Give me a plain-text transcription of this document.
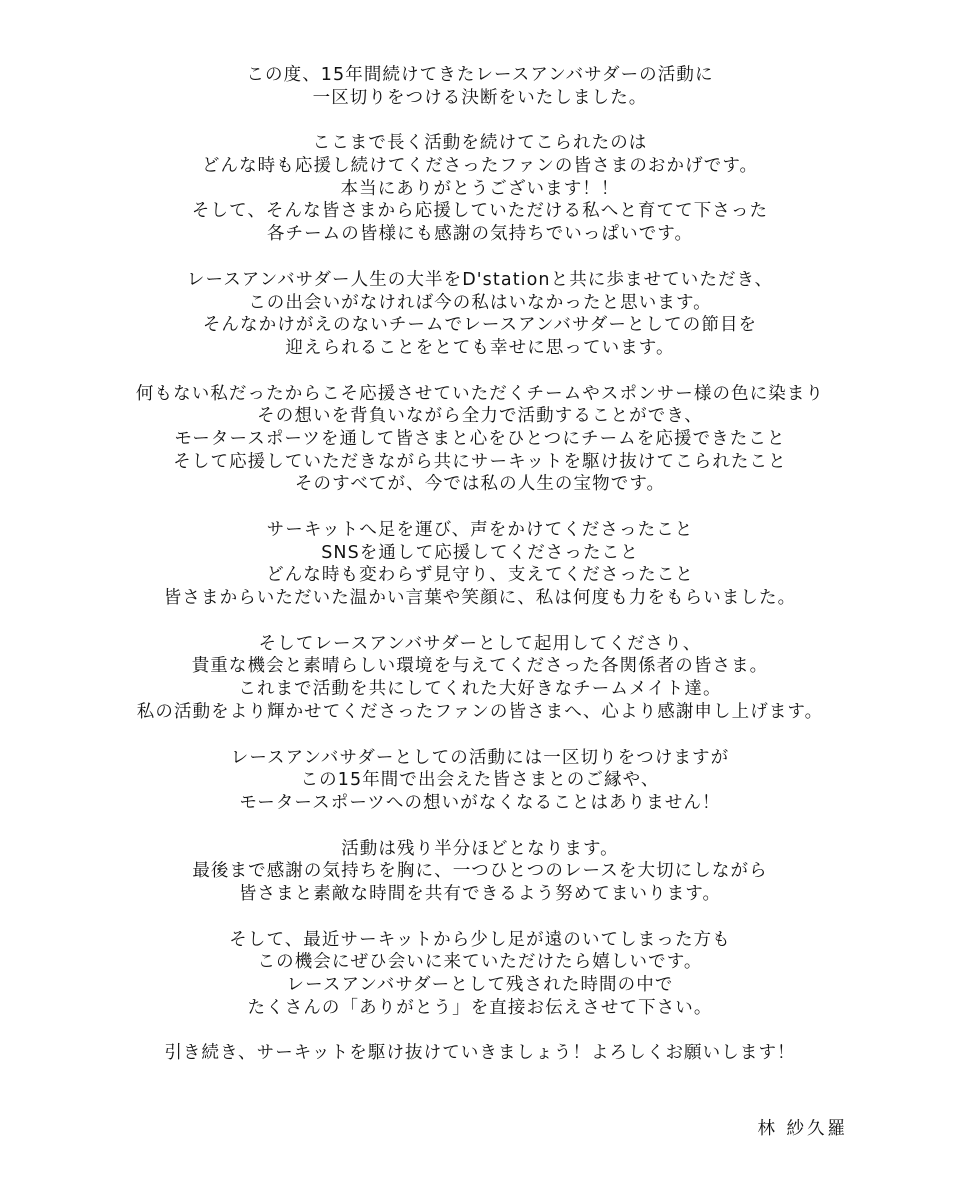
この度、15年間続けてきたレースアンバサダーの活動に
一区切りをつける決断をいたしました。
ここまで長く活動を続けてこられたのは
どんな時も応援し続けてくださったファンの皆さまのおかげです。
本当にありがとうございます！！
そして、そんな皆さまから応援していただける私へと育てて下さった
各チームの皆様にも感謝の気持ちでいっぱいです。
レースアンバサダー人生の大半をD'stationと共に歩ませていただき、
この出会いがなければ今の私はいなかったと思います。
そんなかけがえのないチームでレースアンバサダーとしての節目を
迎えられることをとても幸せに思っています。
何もない私だったからこそ応援させていただくチームやスポンサー様の色に染まり
その想いを背負いながら全力で活動することができ、
モータースポーツを通して皆さまと心をひとつにチームを応援できたこと
そして応援していただきながら共にサーキットを駆け抜けてこられたこと
そのすべてが、今では私の人生の宝物です。
サーキットへ足を運び、声をかけてくださったこと
SNSを通して応援してくださったこと
どんな時も変わらず見守り、支えてくださったこと
皆さまからいただいた温かい言葉や笑顔に、私は何度も力をもらいました。
そしてレースアンバサダーとして起用してくださり、
貴重な機会と素晴らしい環境を与えてくださった各関係者の皆さま。
これまで活動を共にしてくれた大好きなチームメイト達。
私の活動をより輝かせてくださったファンの皆さまへ、心より感謝申し上げます。
レースアンバサダーとしての活動には一区切りをつけますが
この15年間で出会えた皆さまとのご縁や、
モータースポーツへの想いがなくなることはありません！
活動は残り半分ほどとなります。
最後まで感謝の気持ちを胸に、一つひとつのレースを大切にしながら
皆さまと素敵な時間を共有できるよう努めてまいります。
そして、最近サーキットから少し足が遠のいてしまった方も
この機会にぜひ会いに来ていただけたら嬉しいです。
レースアンバサダーとして残された時間の中で
たくさんの「ありがとう」を直接お伝えさせて下さい。
引き続き、サーキットを駆け抜けていきましょう！よろしくお願いします！
林 紗久羅
